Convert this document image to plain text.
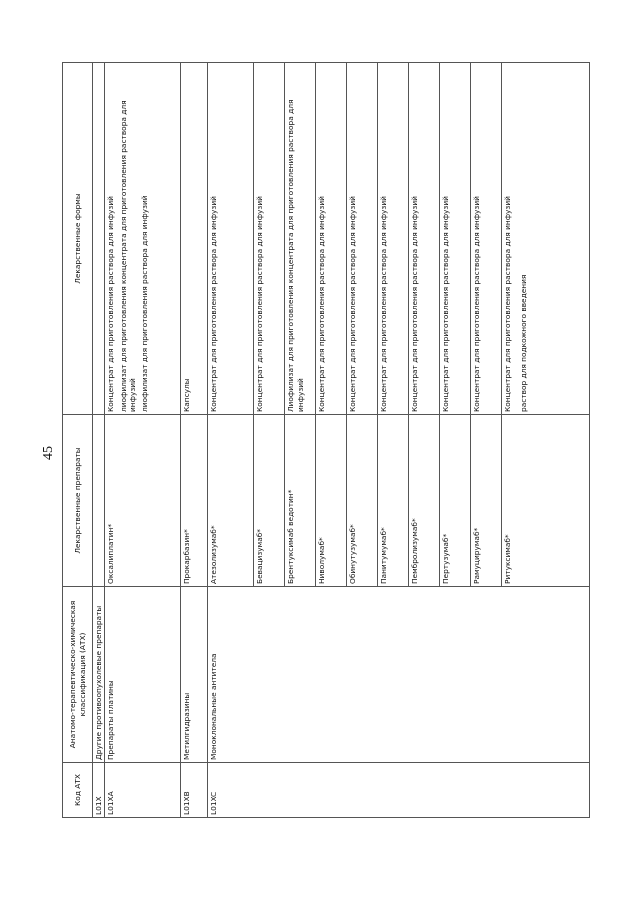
45
Код АТХ	Анатомо-терапевтическо-химическая классификация (АТХ)	Лекарственные препараты	Лекарственные формы
L01X	Другие противоопухолевые препараты		
L01XA	Препараты платины	Оксалиплатин*	Концентрат для приготовления раствора для инфузий лиофилизат для приготовления концентрата для приготовления раствора для инфузий лиофилизат для приготовления раствора для инфузий

L01XB	Метилгидразины	Прокарбазин*	Капсулы

L01XC	Моноклональные антитела	Атезолизумаб*	Концентрат для приготовления раствора для инфузий

		Бевацизумаб*	Концентрат для приготовления раствора для инфузий

		Брентуксимаб ведотин*	Лиофилизат для приготовления концентрата для приготовления раствора для инфузий

		Ниволумаб*	Концентрат для приготовления раствора для инфузий

		Обинутузумаб*	Концентрат для приготовления раствора для инфузий

		Панитумумаб*	Концентрат для приготовления раствора для инфузий

		Пембролизумаб*	Концентрат для приготовления раствора для инфузий

		Пертузумаб*	Концентрат для приготовления раствора для инфузий

		Рамуцирумаб*	Концентрат для приготовления раствора для инфузий

		Ритуксимаб*	Концентрат для приготовления раствора для инфузий раствор для подкожного введения
